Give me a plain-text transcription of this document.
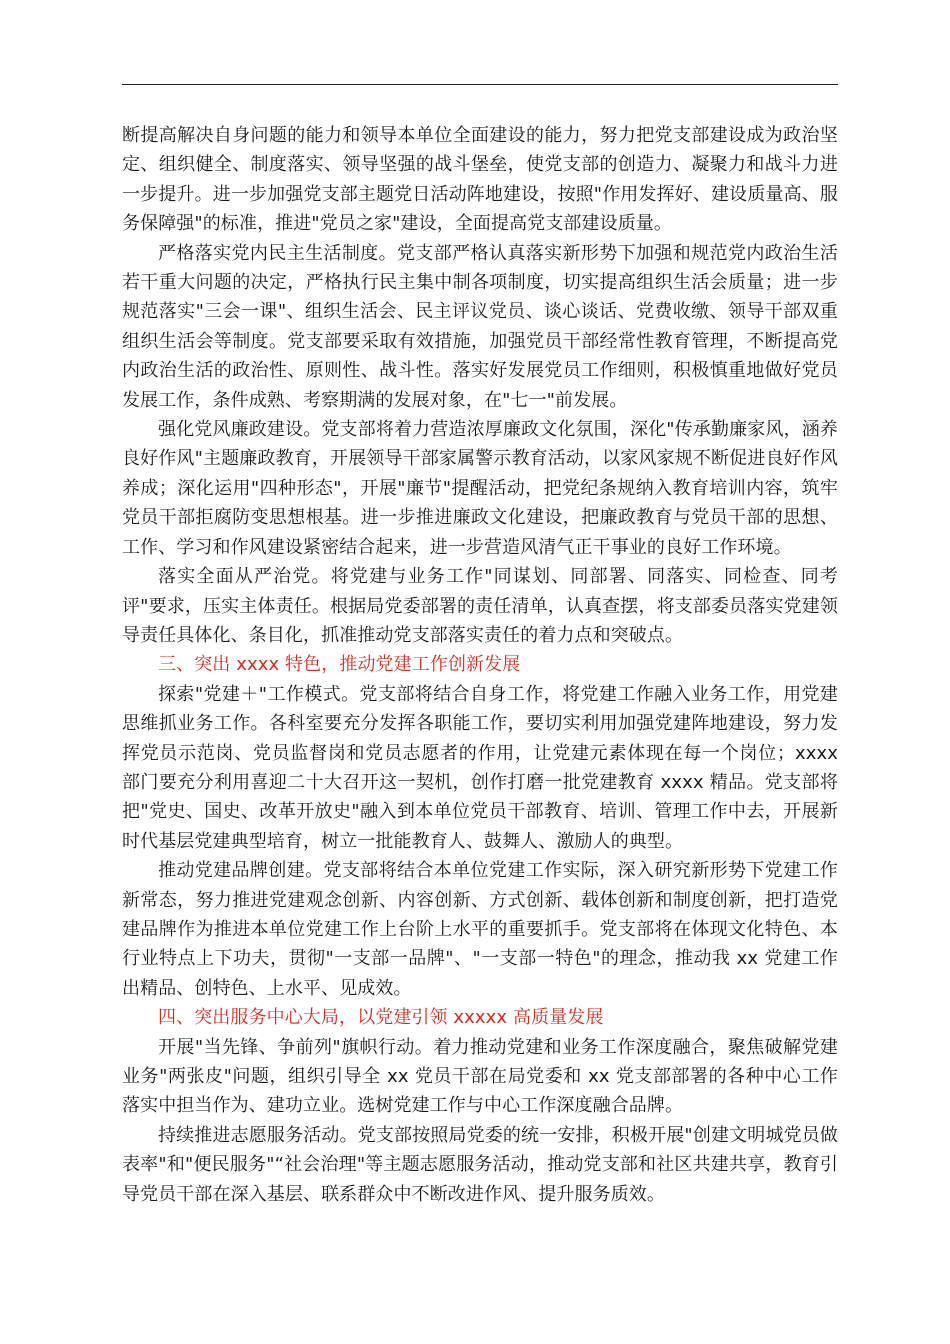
断提高解决自身问题的能力和领导本单位全面建设的能力，努力把党支部建设成为政治坚定、组织健全、制度落实、领导坚强的战斗堡垒，使党支部的创造力、凝聚力和战斗力进一步提升。进一步加强党支部主题党日活动阵地建设，按照"作用发挥好、建设质量高、服务保障强"的标准，推进"党员之家"建设，全面提高党支部建设质量。

严格落实党内民主生活制度。党支部严格认真落实新形势下加强和规范党内政治生活若干重大问题的决定，严格执行民主集中制各项制度，切实提高组织生活会质量；进一步规范落实"三会一课"、组织生活会、民主评议党员、谈心谈话、党费收缴、领导干部双重组织生活会等制度。党支部要采取有效措施，加强党员干部经常性教育管理，不断提高党内政治生活的政治性、原则性、战斗性。落实好发展党员工作细则，积极慎重地做好党员发展工作，条件成熟、考察期满的发展对象，在"七一"前发展。

强化党风廉政建设。党支部将着力营造浓厚廉政文化氛围，深化"传承勤廉家风，涵养良好作风"主题廉政教育，开展领导干部家属警示教育活动，以家风家规不断促进良好作风养成；深化运用"四种形态"，开展"廉节"提醒活动，把党纪条规纳入教育培训内容，筑牢党员干部拒腐防变思想根基。进一步推进廉政文化建设，把廉政教育与党员干部的思想、工作、学习和作风建设紧密结合起来，进一步营造风清气正干事业的良好工作环境。

落实全面从严治党。将党建与业务工作"同谋划、同部署、同落实、同检查、同考评"要求，压实主体责任。根据局党委部署的责任清单，认真查摆，将支部委员落实党建领导责任具体化、条目化，抓准推动党支部落实责任的着力点和突破点。

三、突出 xxxx 特色，推动党建工作创新发展

探索"党建＋"工作模式。党支部将结合自身工作，将党建工作融入业务工作，用党建思维抓业务工作。各科室要充分发挥各职能工作，要切实利用加强党建阵地建设，努力发挥党员示范岗、党员监督岗和党员志愿者的作用，让党建元素体现在每一个岗位；xxxx 部门要充分利用喜迎二十大召开这一契机，创作打磨一批党建教育 xxxx 精品。党支部将把"党史、国史、改革开放史"融入到本单位党员干部教育、培训、管理工作中去，开展新时代基层党建典型培育，树立一批能教育人、鼓舞人、激励人的典型。

推动党建品牌创建。党支部将结合本单位党建工作实际，深入研究新形势下党建工作新常态，努力推进党建观念创新、内容创新、方式创新、载体创新和制度创新，把打造党建品牌作为推进本单位党建工作上台阶上水平的重要抓手。党支部将在体现文化特色、本行业特点上下功夫，贯彻"一支部一品牌"、"一支部一特色"的理念，推动我 xx 党建工作出精品、创特色、上水平、见成效。

四、突出服务中心大局，以党建引领 xxxxx 高质量发展

开展"当先锋、争前列"旗帜行动。着力推动党建和业务工作深度融合，聚焦破解党建业务"两张皮"问题，组织引导全 xx 党员干部在局党委和 xx 党支部部署的各种中心工作落实中担当作为、建功立业。选树党建工作与中心工作深度融合品牌。

持续推进志愿服务活动。党支部按照局党委的统一安排，积极开展"创建文明城党员做表率"和"便民服务"“社会治理"等主题志愿服务活动，推动党支部和社区共建共享，教育引导党员干部在深入基层、联系群众中不断改进作风、提升服务质效。
